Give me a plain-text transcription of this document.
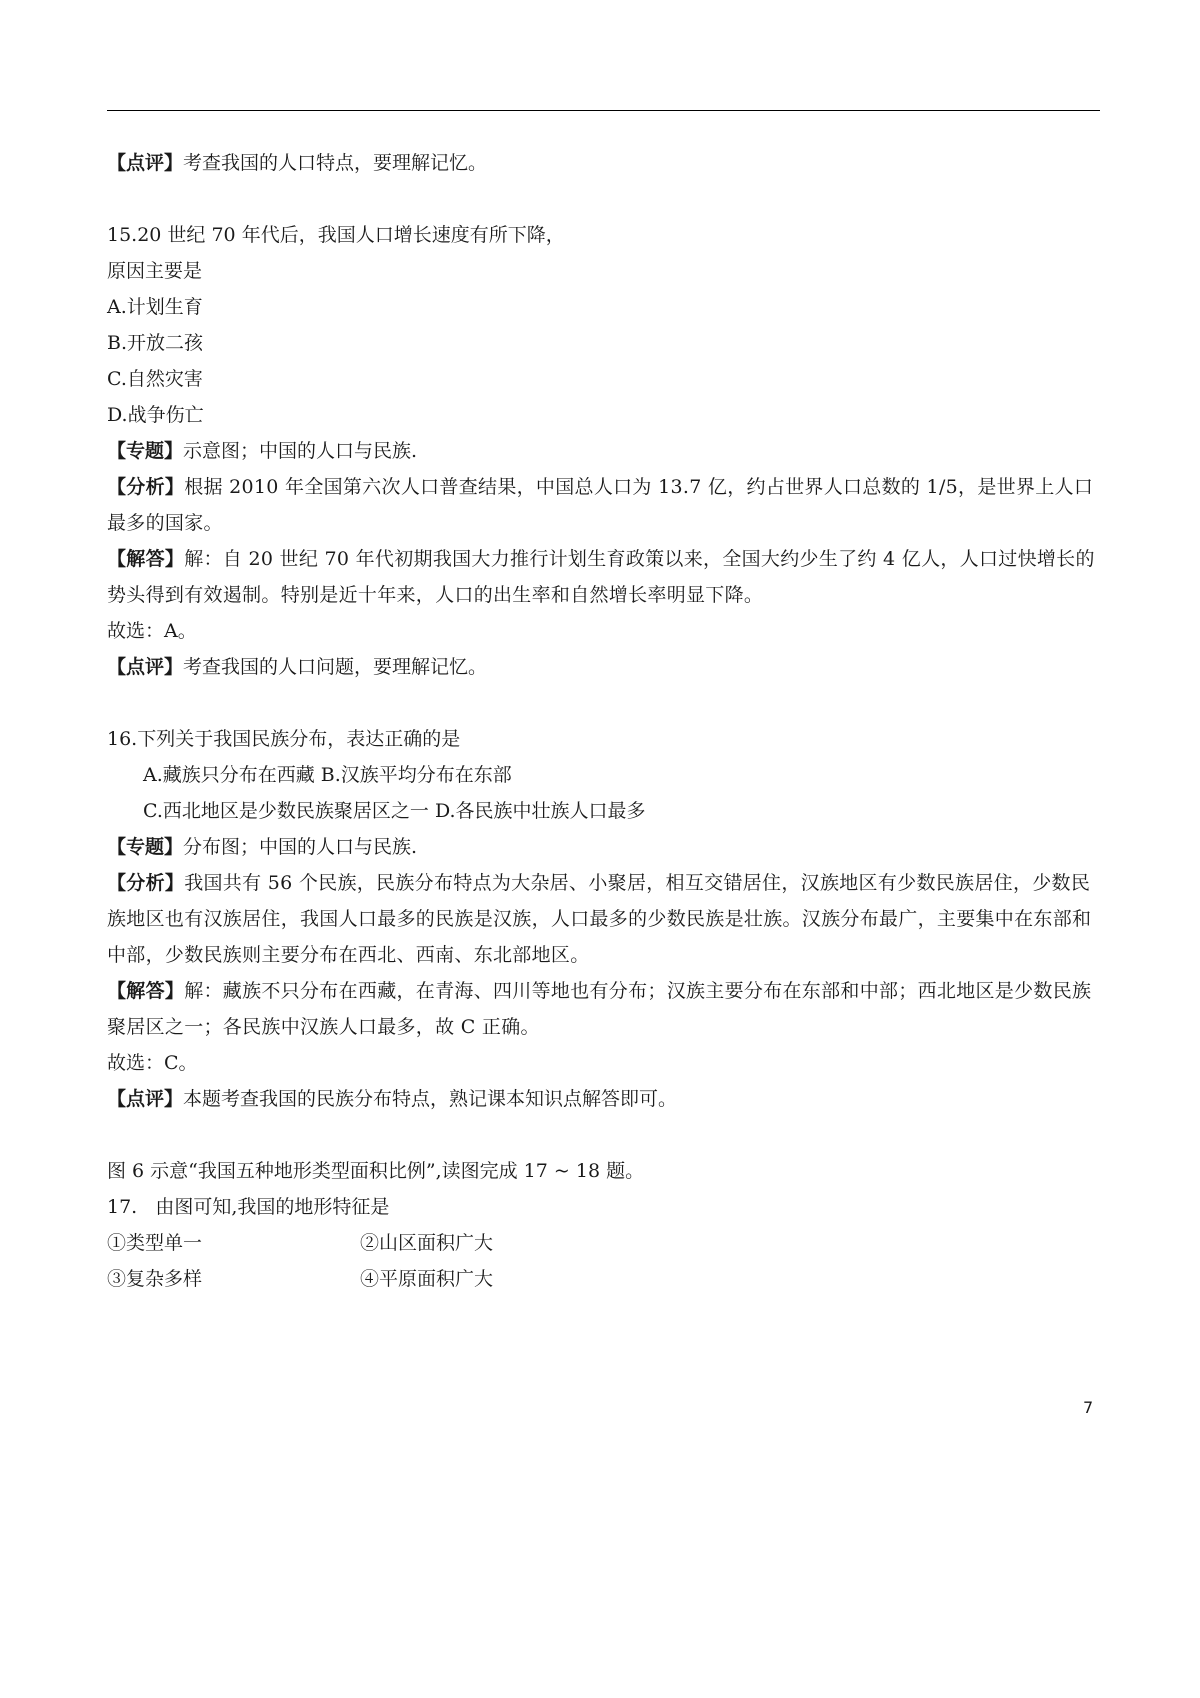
【点评】考查我国的人口特点，要理解记忆。
15.20 世纪 70 年代后，我国人口增长速度有所下降，
原因主要是
A.计划生育
B.开放二孩
C.自然灾害
D.战争伤亡
【专题】示意图；中国的人口与民族.
【分析】根据 2010 年全国第六次人口普查结果，中国总人口为 13.7 亿，约占世界人口总数的 1/5，是世界上人口最多的国家。
【解答】解：自 20 世纪 70 年代初期我国大力推行计划生育政策以来，全国大约少生了约 4 亿人，人口过快增长的势头得到有效遏制。特别是近十年来，人口的出生率和自然增长率明显下降。
故选：A。
【点评】考查我国的人口问题，要理解记忆。
16.下列关于我国民族分布，表达正确的是
A.藏族只分布在西藏 B.汉族平均分布在东部
C.西北地区是少数民族聚居区之一 D.各民族中壮族人口最多
【专题】分布图；中国的人口与民族.
【分析】我国共有 56 个民族，民族分布特点为大杂居、小聚居，相互交错居住，汉族地区有少数民族居住，少数民族地区也有汉族居住，我国人口最多的民族是汉族，人口最多的少数民族是壮族。汉族分布最广，主要集中在东部和中部，少数民族则主要分布在西北、西南、东北部地区。
【解答】解：藏族不只分布在西藏，在青海、四川等地也有分布；汉族主要分布在东部和中部；西北地区是少数民族聚居区之一；各民族中汉族人口最多，故 C 正确。
故选：C。
【点评】本题考查我国的民族分布特点，熟记课本知识点解答即可。
图 6 示意“我国五种地形类型面积比例”,读图完成 17 ~ 18 题。
17.   由图可知,我国的地形特征是
①类型单一	②山区面积广大
③复杂多样	④平原面积广大
7
